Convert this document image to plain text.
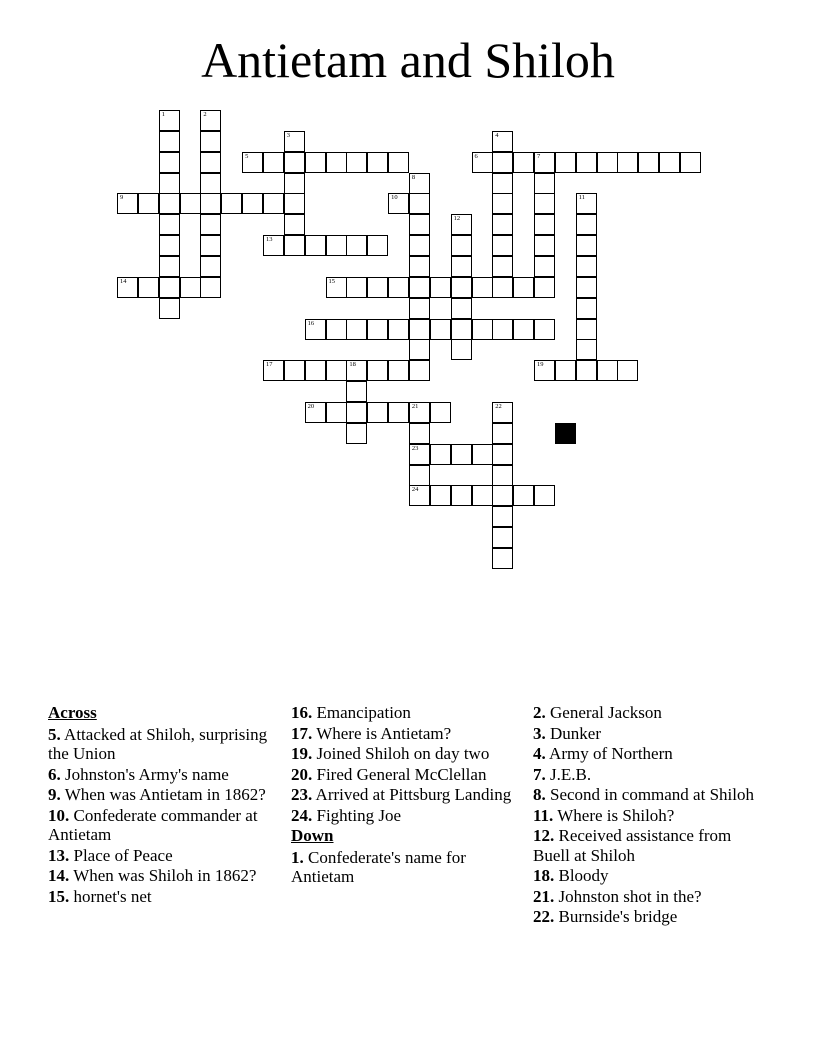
Antietam and Shiloh
1	2
3	4
5	6	7
8
9	10	11
12
13
14	15
16
17	18	19
20	21
23
24
22
Across
5. Attacked at Shiloh, surprising the Union
6. Johnston's Army's name
9. When was Antietam in 1862?
10. Confederate commander at Antietam
13. Place of Peace
14. When was Shiloh in 1862?
15. hornet's net
16. Emancipation
17. Where is Antietam?
19. Joined Shiloh on day two
20. Fired General McClellan
23. Arrived at Pittsburg Landing
24. Fighting Joe
Down
1. Confederate's name for Antietam
2. General Jackson
3. Dunker
4. Army of Northern
7. J.E.B.
8. Second in command at Shiloh
11. Where is Shiloh?
12. Received assistance from Buell at Shiloh
18. Bloody
21. Johnston shot in the?
22. Burnside's bridge
